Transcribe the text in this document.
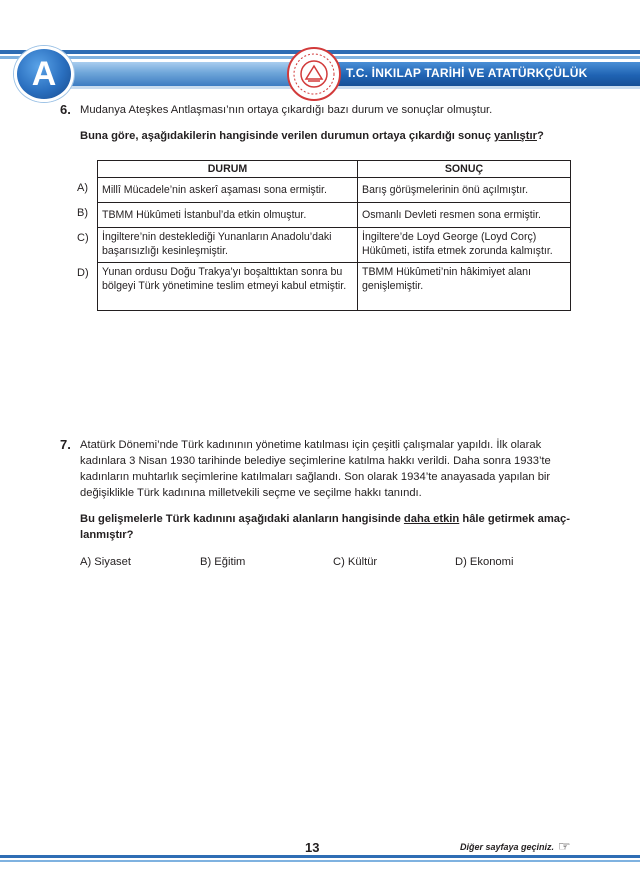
T.C. İNKILAP TARİHİ VE ATATÜRKÇÜLÜK
A
6. Mudanya Ateşkes Antlaşması’nın ortaya çıkardığı bazı durum ve sonuçlar olmuştur.
Buna göre, aşağıdakilerin hangisinde verilen durumun ortaya çıkardığı sonuç yanlıştır?
DURUM	SONUÇ
Millî Mücadele’nin askerî aşaması sona ermiştir.	Barış görüşmelerinin önü açılmıştır.
TBMM Hükûmeti İstanbul’da etkin olmuştur.	Osmanlı Devleti resmen sona ermiştir.
İngiltere’nin desteklediği Yunanların Anadolu’daki başarısızlığı kesinleşmiştir.	İngiltere’de Loyd George (Loyd Corç) Hükûmeti, istifa etmek zorunda kalmıştır.
Yunan ordusu Doğu Trakya’yı boşalttıktan sonra bu bölgeyi Türk yönetimine teslim etmeyi kabul etmiştir.	TBMM Hükûmeti’nin hâkimiyet alanı genişlemiştir.
A)
B)
C)
D)
7. Atatürk Dönemi’nde Türk kadınının yönetime katılması için çeşitli çalışmalar yapıldı. İlk olarak
kadınlara 3 Nisan 1930 tarihinde belediye seçimlerine katılma hakkı verildi. Daha sonra 1933’te
kadınların muhtarlık seçimlerine katılmaları sağlandı. Son olarak 1934’te anayasada yapılan bir
değişiklikle Türk kadınına milletvekili seçme ve seçilme hakkı tanındı.
Bu gelişmelerle Türk kadınını aşağıdaki alanların hangisinde daha etkin hâle getirmek amaç-
lanmıştır?
A) Siyaset	B) Eğitim	C) Kültür	D) Ekonomi
13	Diğer sayfaya geçiniz. ☞
